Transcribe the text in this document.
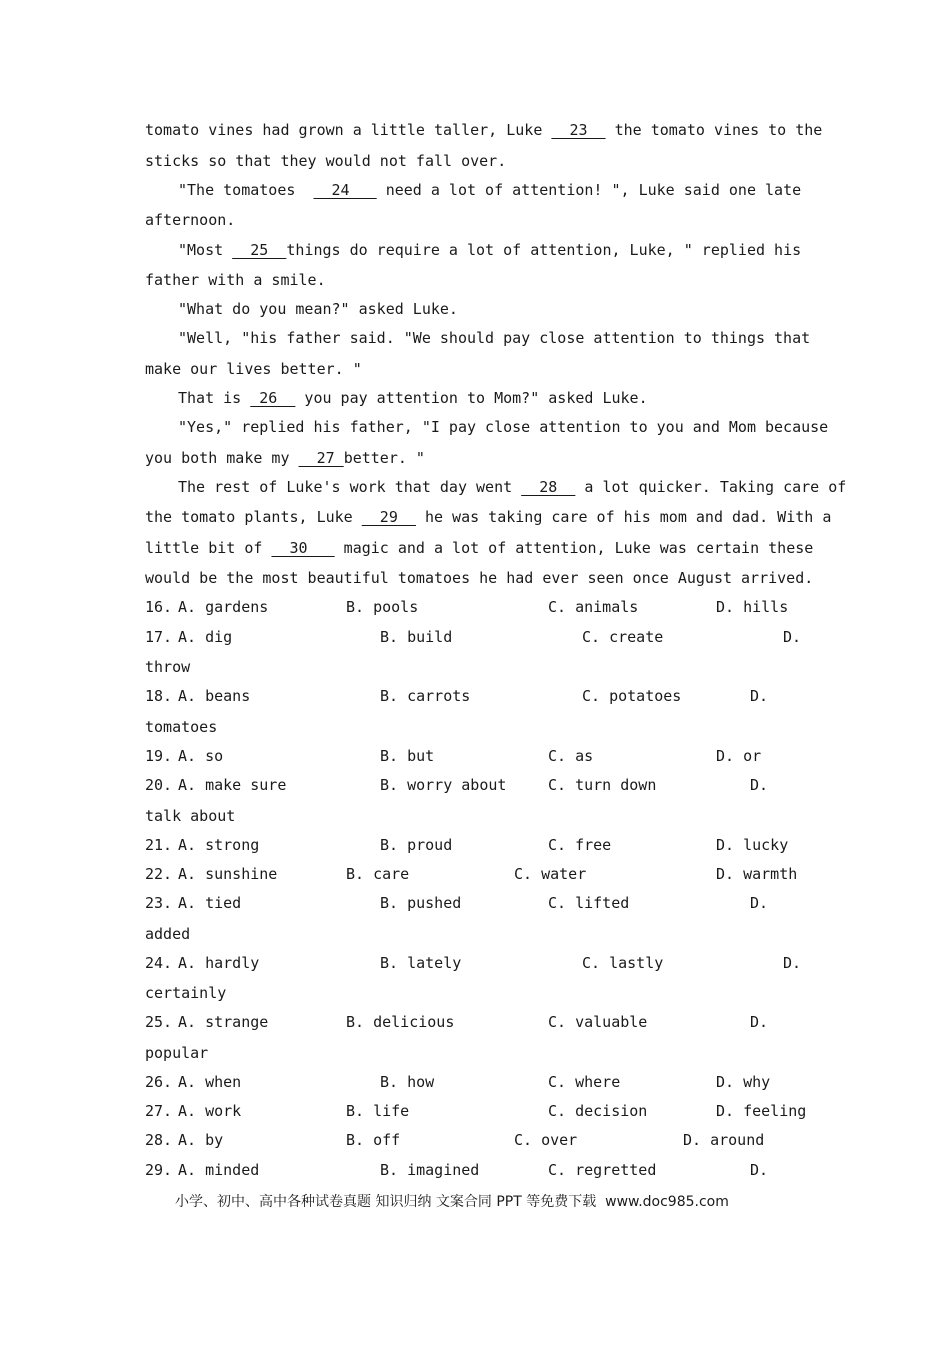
tomato vines had grown a little taller, Luke   23   the tomato vines to the
sticks so that they would not fall over.
"The tomatoes    24    need a lot of attention! ", Luke said one late
afternoon.
"Most   25  things do require a lot of attention, Luke, " replied his
father with a smile.
"What do you mean?" asked Luke.
"Well, "his father said. "We should pay close attention to things that
make our lives better. "
That is  26   you pay attention to Mom?" asked Luke.
"Yes," replied his father, "I pay close attention to you and Mom because
you both make my   27 better. "
The rest of Luke's work that day went   28   a lot quicker. Taking care of
the tomato plants, Luke   29   he was taking care of his mom and dad. With a
little bit of   30    magic and a lot of attention, Luke was certain these
would be the most beautiful tomatoes he had ever seen once August arrived.
16. A. gardens	B. pools	C. animals	D. hills
17. A. dig	B. build	C. create	D.
throw
18. A. beans	B. carrots	C. potatoes	D.
tomatoes
19. A. so	B. but	C. as	D. or
20. A. make sure	B. worry about	C. turn down	D.
talk about
21. A. strong	B. proud	C. free	D. lucky
22. A. sunshine	B. care	C. water	D. warmth
23. A. tied	B. pushed	C. lifted	D.
added
24. A. hardly	B. lately	C. lastly	D.
certainly
25. A. strange	B. delicious	C. valuable	D.
popular
26. A. when	B. how	C. where	D. why
27. A. work	B. life	C. decision	D. feeling
28. A. by	B. off	C. over	D. around
29. A. minded	B. imagined	C. regretted	D.
小学、初中、高中各种试卷真题 知识归纳 文案合同 PPT 等免费下载  www.doc985.com
